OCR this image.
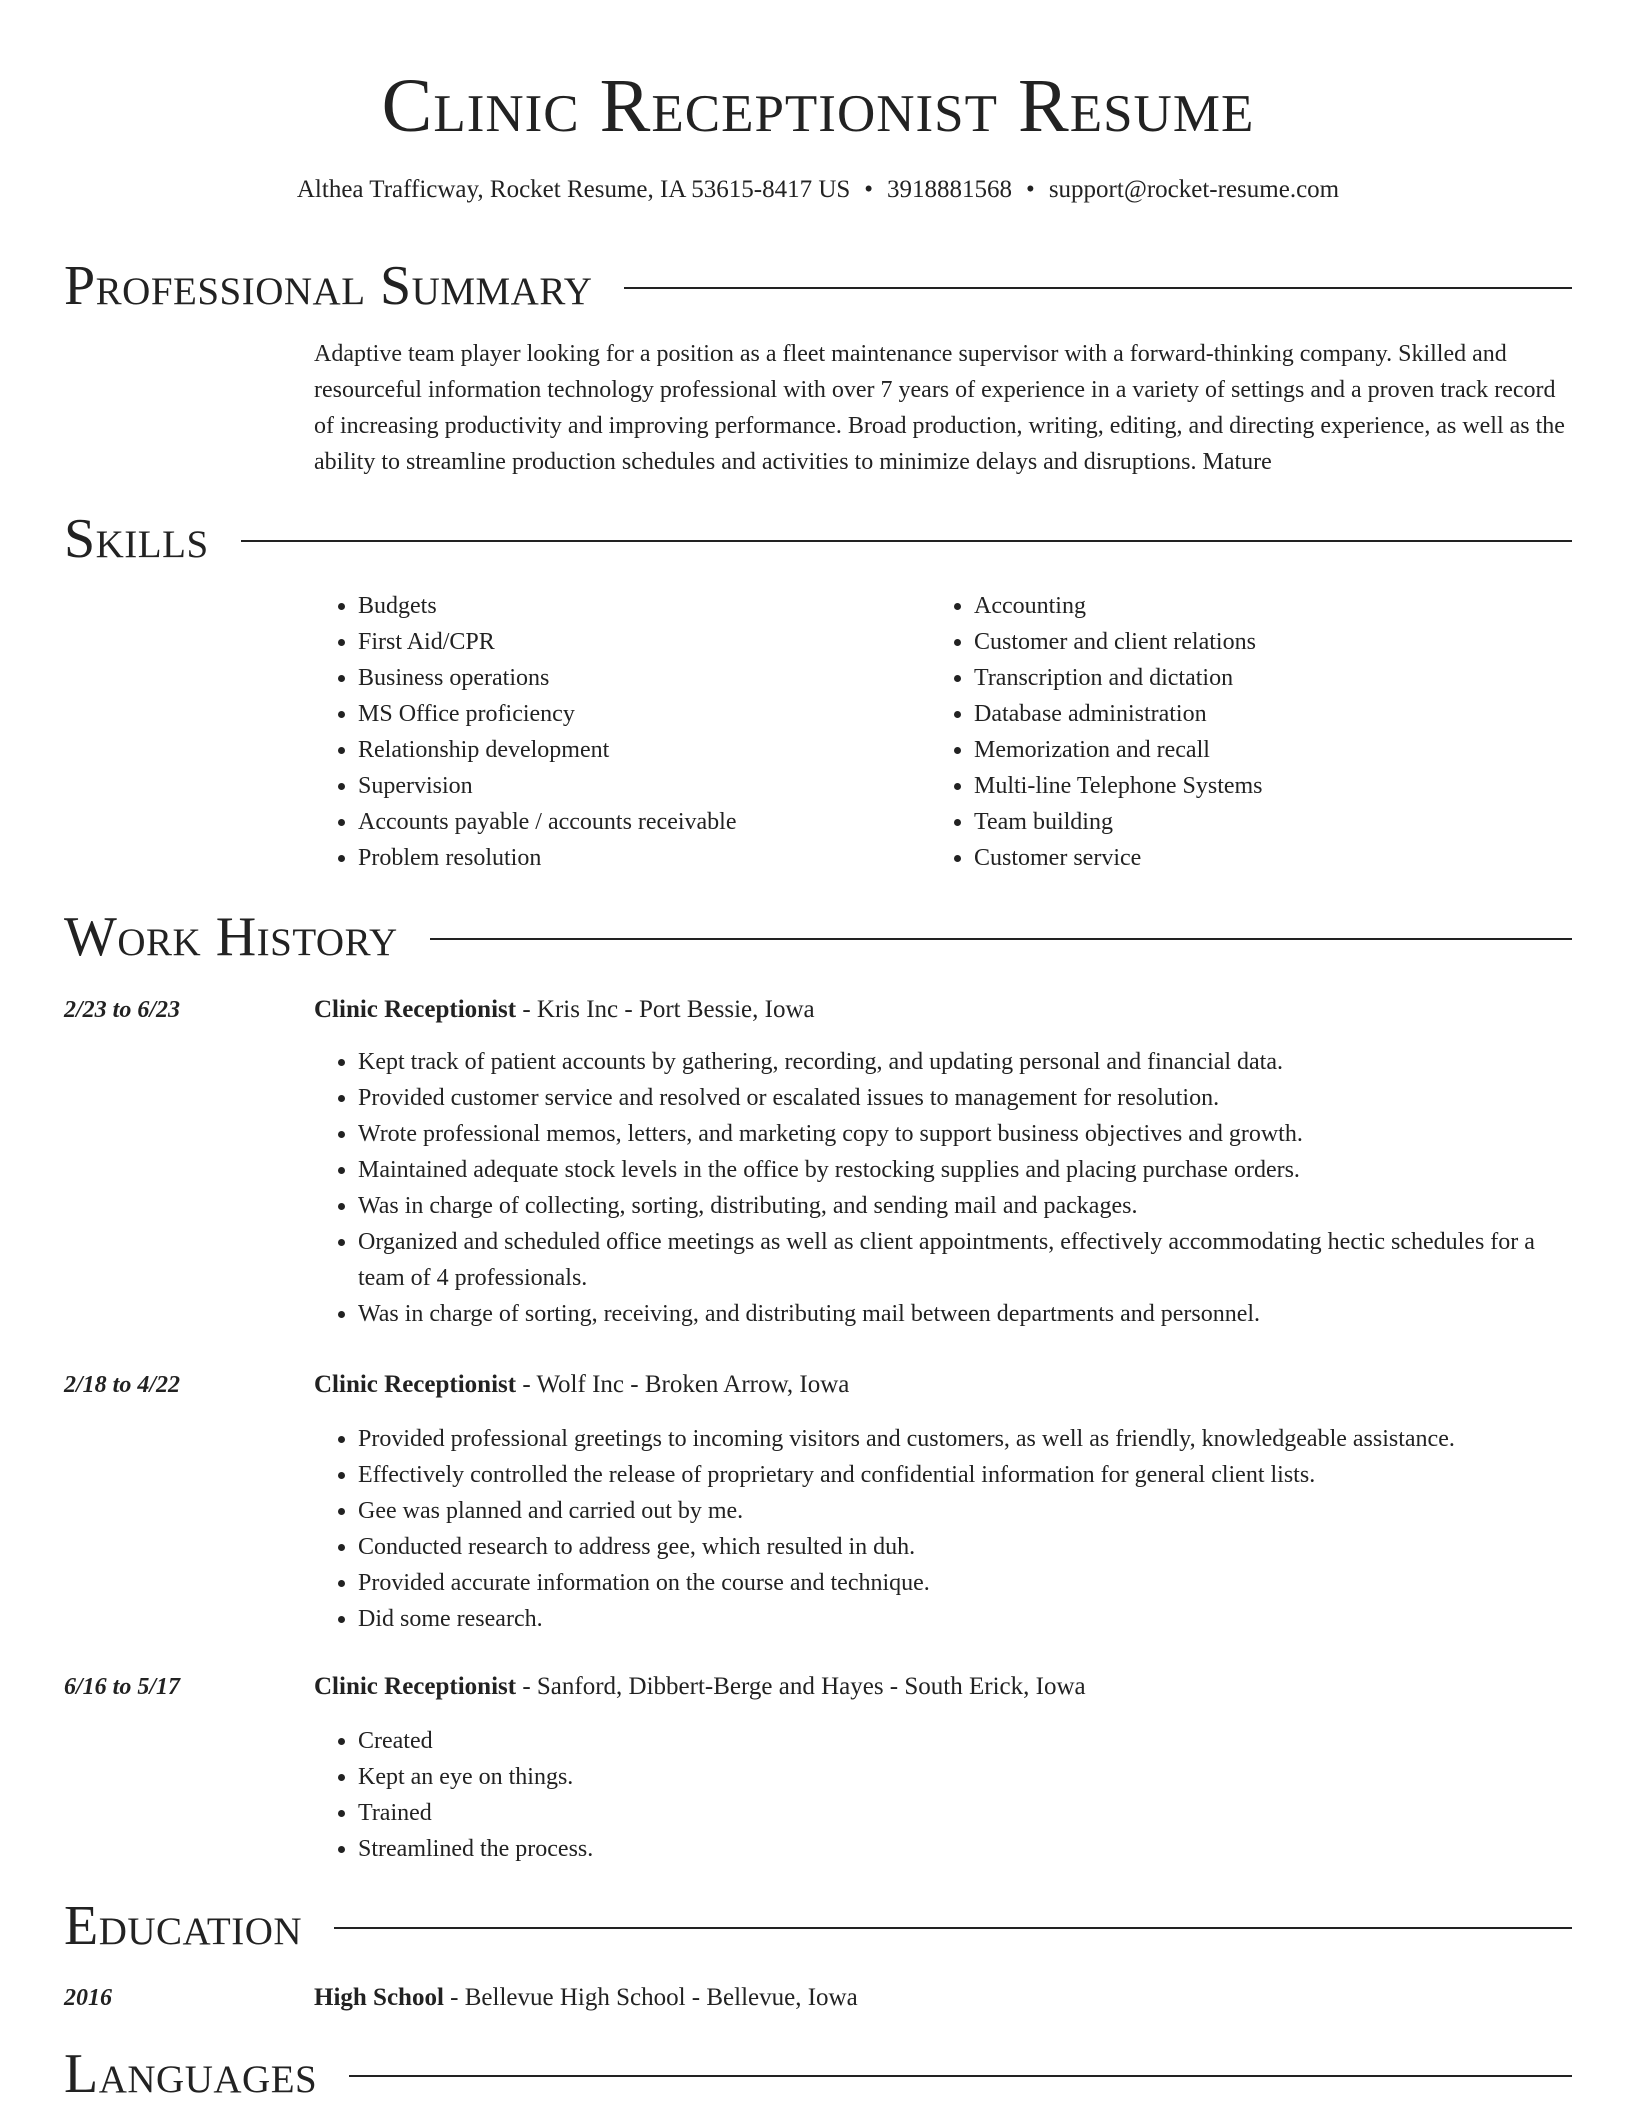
Clinic Receptionist Resume
Althea Trafficway, Rocket Resume, IA 53615-8417 US • 3918881568 • support@rocket-resume.com
Professional Summary

Adaptive team player looking for a position as a fleet maintenance supervisor with a forward-thinking company. Skilled and resourceful information technology professional with over 7 years of experience in a variety of settings and a proven track record of increasing productivity and improving performance. Broad production, writing, editing, and directing experience, as well as the ability to streamline production schedules and activities to minimize delays and disruptions. Mature

Skills
• Budgets
• First Aid/CPR
• Business operations
• MS Office proficiency
• Relationship development
• Supervision
• Accounts payable / accounts receivable
• Problem resolution
• Accounting
• Customer and client relations
• Transcription and dictation
• Database administration
• Memorization and recall
• Multi-line Telephone Systems
• Team building
• Customer service
Work History
2/23 to 6/23	Clinic Receptionist - Kris Inc - Port Bessie, Iowa
• Kept track of patient accounts by gathering, recording, and updating personal and financial data.
• Provided customer service and resolved or escalated issues to management for resolution.
• Wrote professional memos, letters, and marketing copy to support business objectives and growth.
• Maintained adequate stock levels in the office by restocking supplies and placing purchase orders.
• Was in charge of collecting, sorting, distributing, and sending mail and packages.
• Organized and scheduled office meetings as well as client appointments, effectively accommodating hectic schedules for a team of 4 professionals.
• Was in charge of sorting, receiving, and distributing mail between departments and personnel.
2/18 to 4/22	Clinic Receptionist - Wolf Inc - Broken Arrow, Iowa
• Provided professional greetings to incoming visitors and customers, as well as friendly, knowledgeable assistance.
• Effectively controlled the release of proprietary and confidential information for general client lists.
• Gee was planned and carried out by me.
• Conducted research to address gee, which resulted in duh.
• Provided accurate information on the course and technique.
• Did some research.
6/16 to 5/17	Clinic Receptionist - Sanford, Dibbert-Berge and Hayes - South Erick, Iowa
• Created
• Kept an eye on things.
• Trained
• Streamlined the process.
Education
2016	High School - Bellevue High School - Bellevue, Iowa
Languages
